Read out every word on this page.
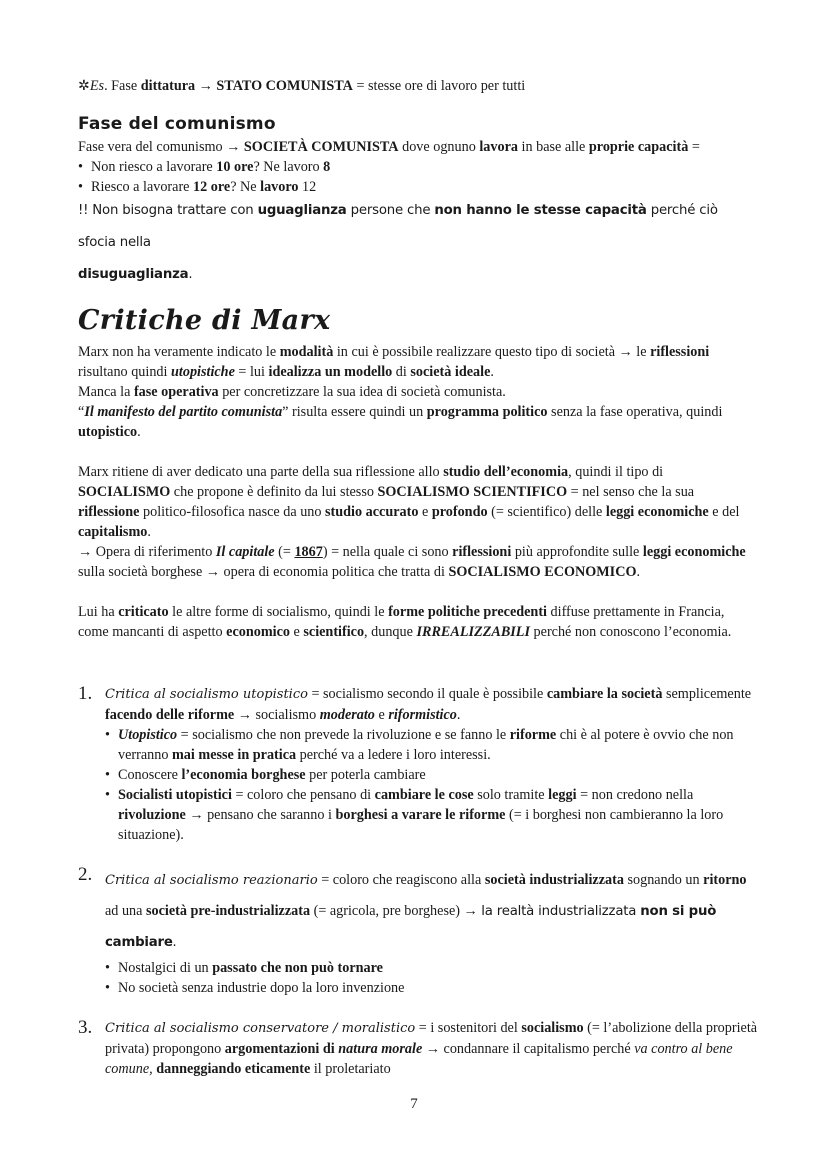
✲Es. Fase dittatura → STATO COMUNISTA = stesse ore di lavoro per tutti

Fase del comunismo

Fase vera del comunismo → SOCIETÀ COMUNISTA dove ognuno lavora in base alle proprie capacità =

• Non riesco a lavorare 10 ore? Ne lavoro 8
• Riesco a lavorare 12 ore? Ne lavoro 12

!! Non bisogna trattare con uguaglianza persone che non hanno le stesse capacità perché ciò sfocia nella
disuguaglianza.

Critiche di Marx

Marx non ha veramente indicato le modalità in cui è possibile realizzare questo tipo di società → le riflessioni risultano quindi utopistiche = lui idealizza un modello di società ideale.

Manca la fase operativa per concretizzare la sua idea di società comunista.

“Il manifesto del partito comunista” risulta essere quindi un programma politico senza la fase operativa, quindi utopistico.

Marx ritiene di aver dedicato una parte della sua riflessione allo studio dell’economia, quindi il tipo di SOCIALISMO che propone è definito da lui stesso SOCIALISMO SCIENTIFICO = nel senso che la sua riflessione politico-filosofica nasce da uno studio accurato e profondo (= scientifico) delle leggi economiche e del capitalismo.

→ Opera di riferimento Il capitale (= 1867) = nella quale ci sono riflessioni più approfondite sulle leggi economiche sulla società borghese → opera di economia politica che tratta di SOCIALISMO ECONOMICO.

Lui ha criticato le altre forme di socialismo, quindi le forme politiche precedenti diffuse prettamente in Francia, come mancanti di aspetto economico e scientifico, dunque IRREALIZZABILI perché non conoscono l’economia.

1. Critica al socialismo utopistico = socialismo secondo il quale è possibile cambiare la società semplicemente facendo delle riforme → socialismo moderato e riformistico.

• Utopistico = socialismo che non prevede la rivoluzione e se fanno le riforme chi è al potere è ovvio che non verranno mai messe in pratica perché va a ledere i loro interessi.
• Conoscere l’economia borghese per poterla cambiare
• Socialisti utopistici = coloro che pensano di cambiare le cose solo tramite leggi = non credono nella rivoluzione → pensano che saranno i borghesi a varare le riforme (= i borghesi non cambieranno la loro situazione).
2. Critica al socialismo reazionario = coloro che reagiscono alla società industrializzata sognando un ritorno ad una società pre-industrializzata (= agricola, pre borghese) → la realtà industrializzata non si può cambiare.

• Nostalgici di un passato che non può tornare
• No società senza industrie dopo la loro invenzione
3. Critica al socialismo conservatore / moralistico = i sostenitori del socialismo (= l’abolizione della proprietà privata) propongono argomentazioni di natura morale → condannare il capitalismo perché va contro al bene comune, danneggiando eticamente il proletariato

7
